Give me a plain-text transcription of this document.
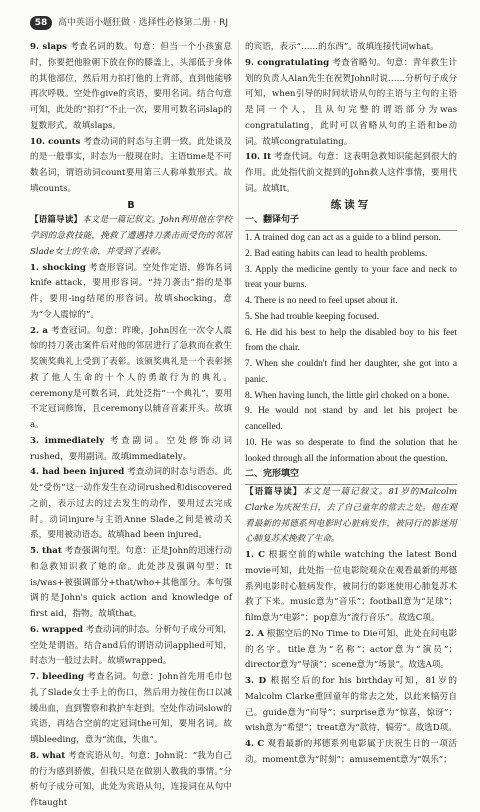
58	高中英语小题狂做 · 选择性必修第二册 · RJ

9. slaps 考查名词的数。句意：但当一个小孩蜜息时，你要把他脸朝下放在你的膝盖上，头部低于身体的其他部位，然后用力拍打他的上背部，直到他能够再次呼吸。空处作give的宾语，要用名词。结合句意可知，此处的“拍打”不止一次，要用可数名词slap的复数形式。故填slaps。

10. counts 考查动词的时态与主谓一致。此处谈及的是一般事实，时态为一般现在时。主语time是不可数名词，谓语动词count要用第三人称单数形式。故填counts。

B

【语篇导读】本文是一篇记叙文。John利用他在学校学到的急救技能，挽救了遭遇持刀袭击而受伤的邻居Slade女士的生命，并受到了表彰。

1. shocking 考查形容词。空处作定语，修饰名词knife attack，要用形容词。“持刀袭击”指的是事件，要用-ing结尾的形容词。故填shocking，意为“令人震惊的”。

2. a 考查冠词。句意：昨晚，John因在一次令人震惊的持刀袭击案件后对他的邻居进行了急救而在救生奖颁奖典礼上受到了表彰。该颁奖典礼是一个表彰拯救了他人生命的十个人的勇敢行为的典礼。ceremony是可数名词，此处泛指“一个典礼”，要用不定冠词修饰，且ceremony以辅音音素开头。故填a。

3. immediately 考查副词。空处修饰动词rushed，要用副词。故填immediately。

4. had been injured 考查动词的时态与语态。此处“受伤”这一动作发生在动词rushed和discovered之前，表示过去的过去发生的动作，要用过去完成时。动词injure与主语Anne Slade之间是被动关系，要用被动语态。故填had been injured。

5. that 考查强调句型。句意：正是John的迅速行动和急救知识救了她的命。此处涉及强调句型：It is/was+被强调部分+that/who+其他部分。本句强调的是John's quick action and knowledge of first aid，指物。故填that。

6. wrapped 考查动词的时态。分析句子成分可知，空处是谓语。结合and后的谓语动词applied可知，时态为一般过去时。故填wrapped。

7. bleeding 考查名词。句意：John首先用毛巾包扎了Slade女士手上的伤口，然后用力按住伤口以减缓出血，直到警察和救护车赶到。空处作动词slow的宾语，再结合空前的定冠词the可知，要用名词。故填bleeding，意为“流血，失血”。

8. what 考查宾语从句。句意：John说：“我为自己的行为感到骄傲，但我只是在做别人教我的事情。”分析句子成分可知，此处为宾语从句，连接词在从句中作taught

的宾语，表示“……的东西”。故填连接代词what。

9. congratulating 考查省略句。句意：青年救生计划的负责人Alan先生在祝贺John时说……分析句子成分可知，when引导的时间状语从句的主语与主句的主语是同一个人，且从句完整的谓语部分为was congratulating，此时可以省略从句的主语和be动词。故填congratulating。

10. It 考查代词。句意：这表明急救知识能起到很大的作用。此处指代前文提到的John救人这件事情，要用代词。故填It。

练读写

一、翻译句子

1. A trained dog can act as a guide to a blind person.

2. Bad eating habits can lead to health problems.

3. Apply the medicine gently to your face and neck to treat your burns.

4. There is no need to feel upset about it.

5. She had trouble keeping focused.

6. He did his best to help the disabled boy to his feet from the chair.

7. When she couldn't find her daughter, she got into a panic.

8. When having lunch, the little girl choked on a bone.

9. He would not stand by and let his project be cancelled.

10. He was so desperate to find the solution that he looked through all the information about the question.

二、完形填空

【语篇导读】本文是一篇记叙文。81岁的Malcolm Clarke为庆祝生日，去了自己童年的常去之处。他在观看最新的邦德系列电影时心脏病发作，被同行的影迷用心肺复苏术挽救了生命。

1. C 根据空前的while watching the latest Bond movie可知，此处指一位电影院观众在观看最新的邦德系列电影时心脏病发作，被同行的影迷使用心肺复苏术救了下来。music意为“音乐”；football意为“足球”；film意为“电影”；pop意为“流行音乐”。故选C项。

2. A 根据空后的No Time to Die可知，此处在问电影的名字。title意为“名称”；actor意为“演员”；director意为“导演”；scene意为“场景”。故选A项。

3. D 根据空后的for his birthday可知，81岁的Malcolm Clarke重回童年的常去之处，以此来犒劳自己。guide意为“向导”；surprise意为“惊喜，惊讶”；wish意为“希望”；treat意为“款待，犒劳”。故选D项。

4. C 观看最新的邦德系列电影属于庆祝生日的一项活动。moment意为“时刻”；amusement意为“娱乐”；
